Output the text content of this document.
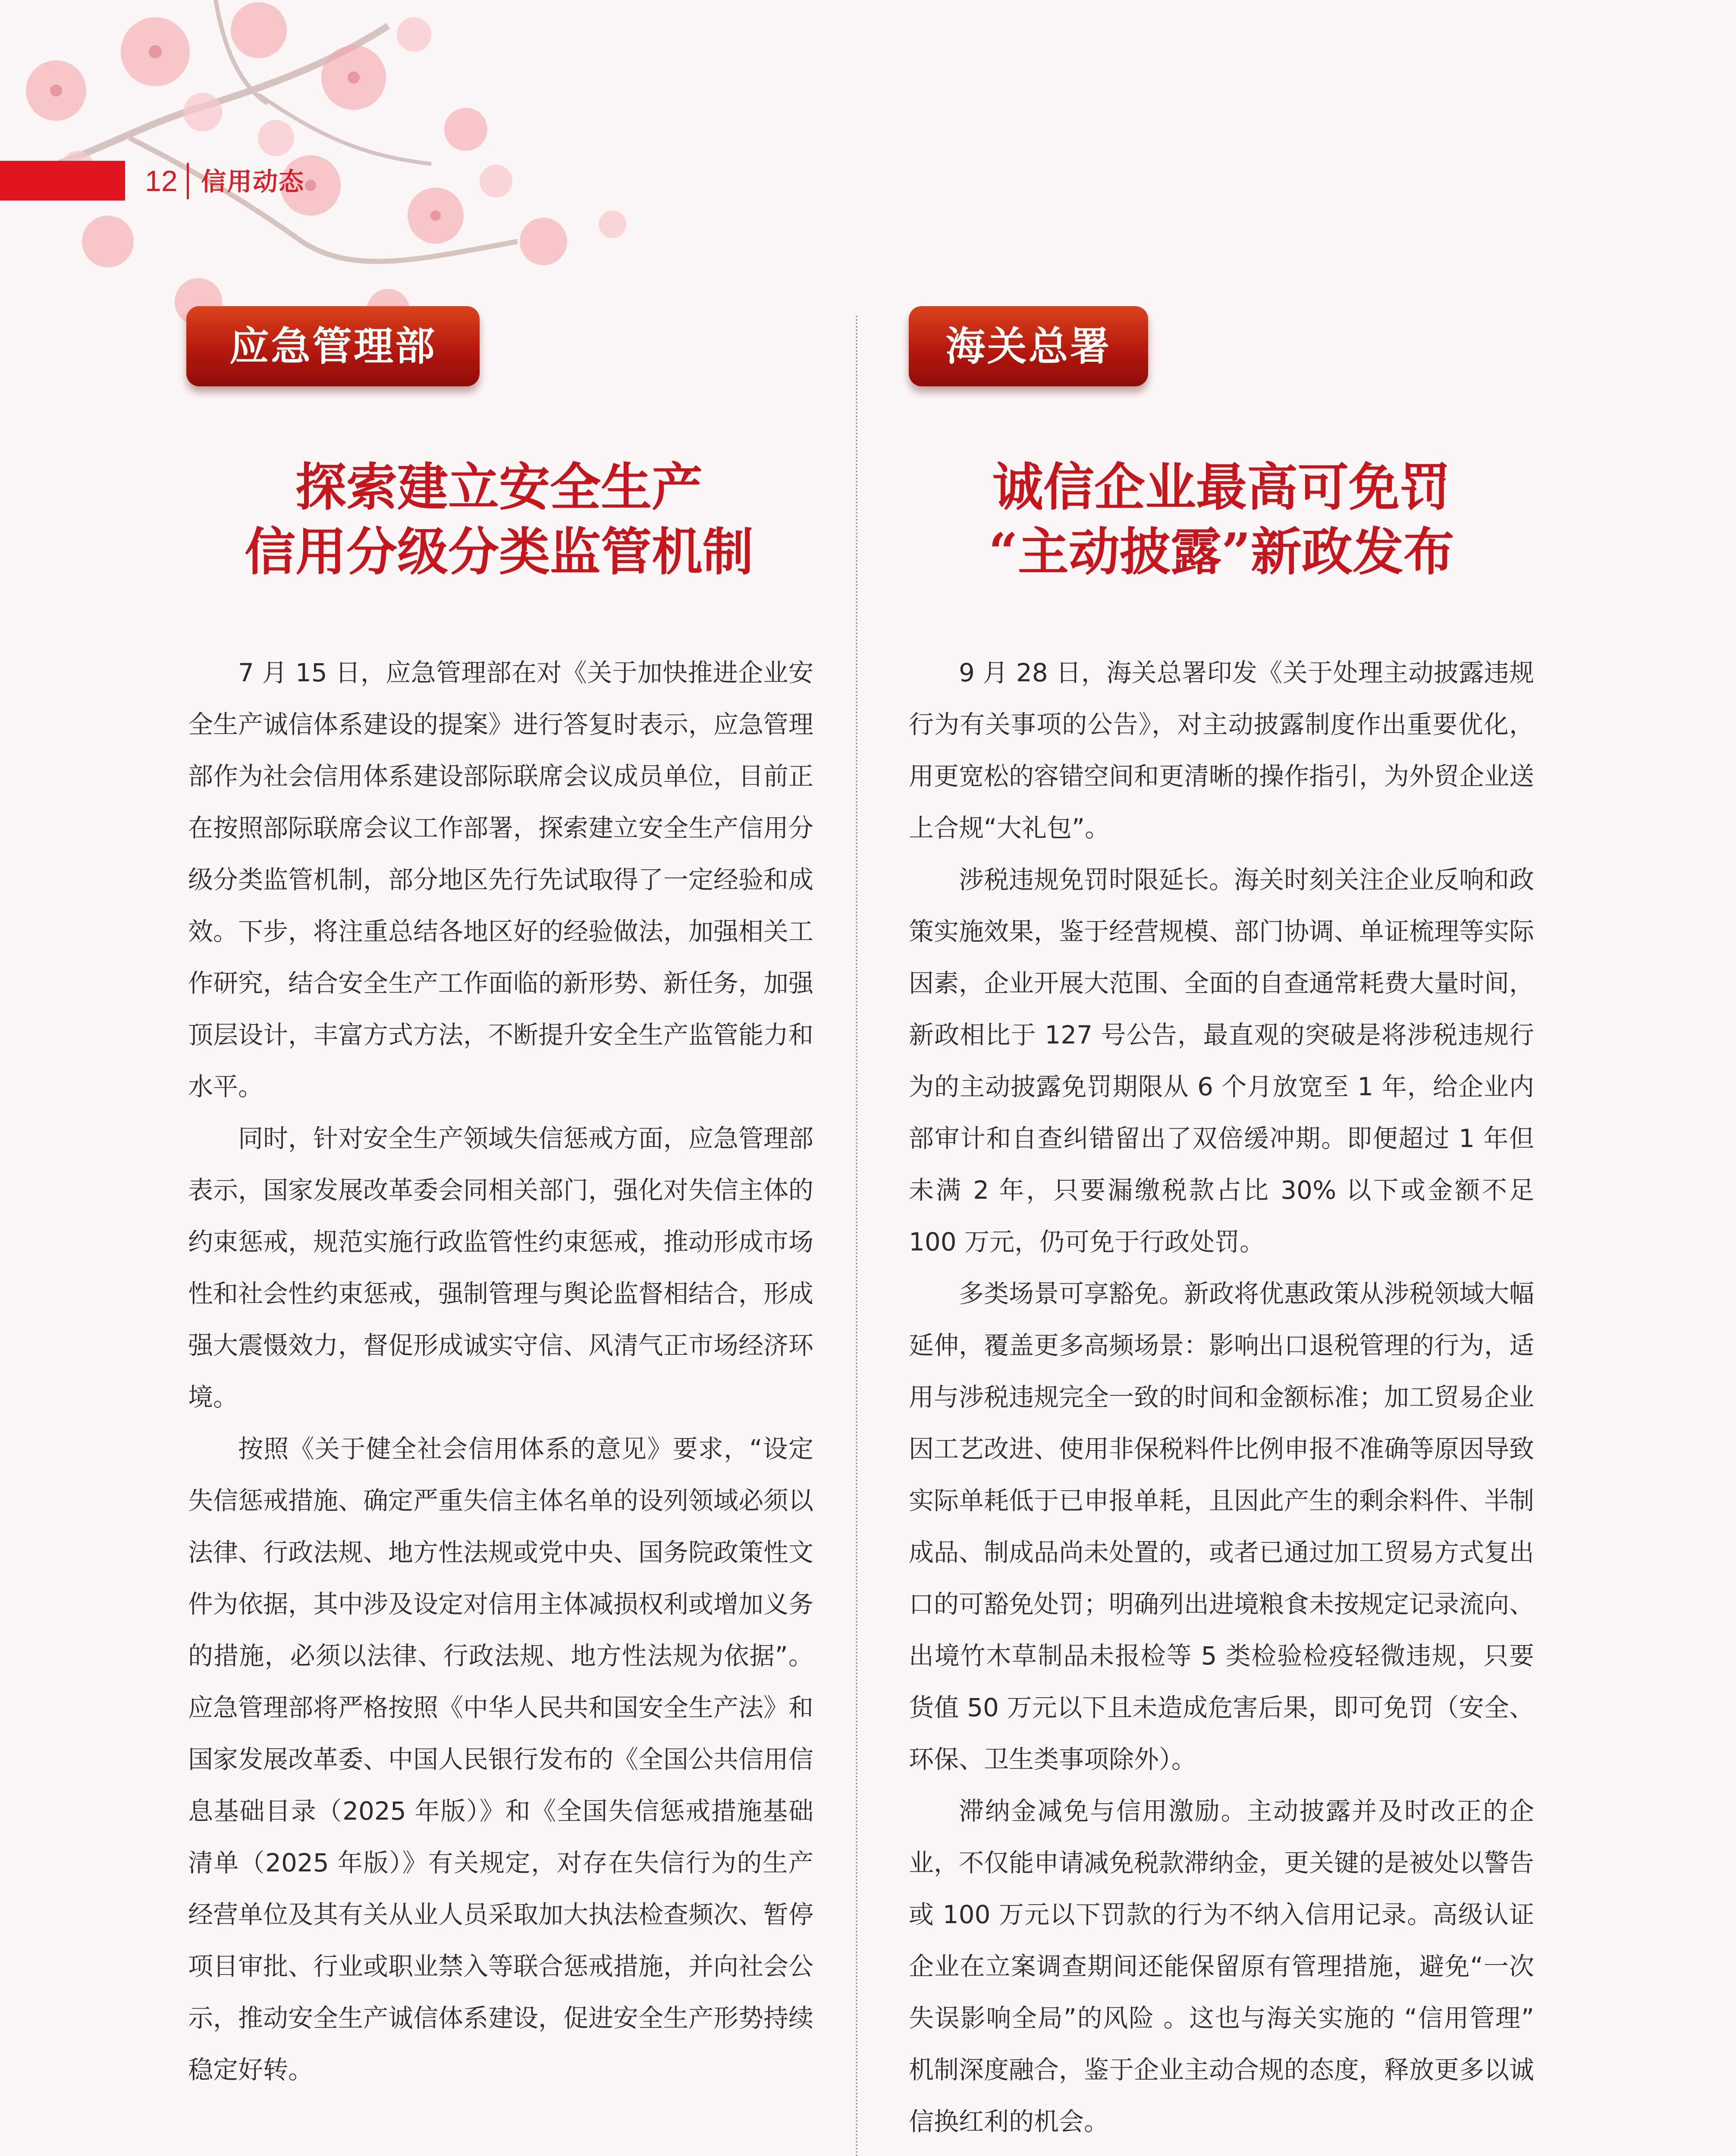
12 信用动态
应急管理部
探索建立安全生产
信用分级分类监管机制

7 月 15 日，应急管理部在对《关于加快推进企业安全生产诚信体系建设的提案》进行答复时表示，应急管理部作为社会信用体系建设部际联席会议成员单位，目前正在按照部际联席会议工作部署，探索建立安全生产信用分级分类监管机制，部分地区先行先试取得了一定经验和成效。下步，将注重总结各地区好的经验做法，加强相关工作研究，结合安全生产工作面临的新形势、新任务，加强顶层设计，丰富方式方法，不断提升安全生产监管能力和水平。

同时，针对安全生产领域失信惩戒方面，应急管理部表示，国家发展改革委会同相关部门，强化对失信主体的约束惩戒，规范实施行政监管性约束惩戒，推动形成市场性和社会性约束惩戒，强制管理与舆论监督相结合，形成强大震慑效力，督促形成诚实守信、风清气正市场经济环境。

按照《关于健全社会信用体系的意见》要求，“设定失信惩戒措施、确定严重失信主体名单的设列领域必须以法律、行政法规、地方性法规或党中央、国务院政策性文件为依据，其中涉及设定对信用主体减损权利或增加义务的措施，必须以法律、行政法规、地方性法规为依据”。应急管理部将严格按照《中华人民共和国安全生产法》和国家发展改革委、中国人民银行发布的《全国公共信用信息基础目录（2025 年版）》和《全国失信惩戒措施基础清单（2025 年版）》有关规定，对存在失信行为的生产经营单位及其有关从业人员采取加大执法检查频次、暂停项目审批、行业或职业禁入等联合惩戒措施，并向社会公示，推动安全生产诚信体系建设，促进安全生产形势持续稳定好转。

海关总署
诚信企业最高可免罚
“主动披露”新政发布

9 月 28 日，海关总署印发《关于处理主动披露违规行为有关事项的公告》，对主动披露制度作出重要优化，用更宽松的容错空间和更清晰的操作指引，为外贸企业送上合规“大礼包”。

涉税违规免罚时限延长。海关时刻关注企业反响和政策实施效果，鉴于经营规模、部门协调、单证梳理等实际因素，企业开展大范围、全面的自查通常耗费大量时间，新政相比于 127 号公告，最直观的突破是将涉税违规行为的主动披露免罚期限从 6 个月放宽至 1 年，给企业内部审计和自查纠错留出了双倍缓冲期。即便超过 1 年但未满 2 年，只要漏缴税款占比 30% 以下或金额不足 100 万元，仍可免于行政处罚。

多类场景可享豁免。新政将优惠政策从涉税领域大幅延伸，覆盖更多高频场景：影响出口退税管理的行为，适用与涉税违规完全一致的时间和金额标准；加工贸易企业因工艺改进、使用非保税料件比例申报不准确等原因导致实际单耗低于已申报单耗，且因此产生的剩余料件、半制成品、制成品尚未处置的，或者已通过加工贸易方式复出口的可豁免处罚；明确列出进境粮食未按规定记录流向、出境竹木草制品未报检等 5 类检验检疫轻微违规，只要货值 50 万元以下且未造成危害后果，即可免罚（安全、环保、卫生类事项除外）。

滞纳金减免与信用激励。主动披露并及时改正的企业，不仅能申请减免税款滞纳金，更关键的是被处以警告或 100 万元以下罚款的行为不纳入信用记录。高级认证企业在立案调查期间还能保留原有管理措施，避免“一次失误影响全局”的风险 。这也与海关实施的 “信用管理” 机制深度融合，鉴于企业主动合规的态度，释放更多以诚信换红利的机会。
